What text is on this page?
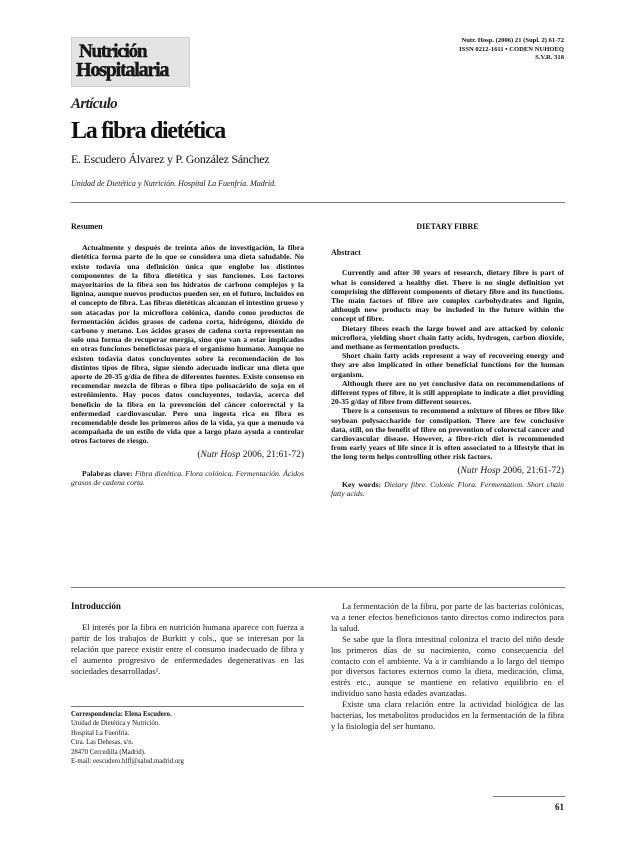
Nutrición
Hospitalaria
Nutr. Hosp. (2006) 21 (Supl. 2) 61-72
ISSN 0212-1611 • CODEN NUHOEQ
S.V.R. 318
Artículo
La fibra dietética
E. Escudero Álvarez y P. González Sánchez
Unidad de Dietética y Nutrición. Hospital La Fuenfría. Madrid.
Resumen
Actualmente y después de treinta años de investigación, la fibra dietética forma parte de lo que se considera una dieta saludable. No existe todavía una definición única que englobe los distintos componentes de la fibra dietética y sus funciones. Los factores mayoritarios de la fibra son los hidratos de carbono complejos y la lignina, aunque nuevos productos pueden ser, en el futuro, incluidos en el concepto de fibra. Las fibras dietéticas alcanzan el intestino grueso y son atacadas por la microflora colónica, dando como productos de fermentación ácidos grasos de cadena corta, hidrógeno, dióxido de carbono y metano. Los ácidos grasos de cadena corta representan no solo una forma de recuperar energía, sino que van a estar implicados en otras funciones beneficiosas para el organismo humano. Aunque no existen todavía datos concluyentes sobre la recomendación de los distintos tipos de fibra, sigue siendo adecuado indicar una dieta que aporte de 20-35 g/día de fibra de diferentes fuentes. Existe consenso en recomendar mezcla de fibras o fibra tipo polisacárido de soja en el estreñimiento. Hay pocos datos concluyentes, todavía, acerca del beneficio de la fibra en la prevención del cáncer colorrectal y la enfermedad cardiovascular. Pero una ingesta rica en fibra es recomendable desde los primeros años de la vida, ya que a menudo va acompañada de un estilo de vida que a largo plazo ayuda a controlar otros factores de riesgo.
(Nutr Hosp 2006, 21:61-72)
Palabras clave: Fibra dietética. Flora colónica. Fermentación. Ácidos grasos de cadena corta.
DIETARY FIBRE
Abstract
Currently and after 30 years of research, dietary fibre is part of what is considered a healthy diet. There is no single definition yet comprising the different components of dietary fibre and its functions. The main factors of fibre are complex carbohydrates and lignin, although new products may be included in the future within the concept of fibre.
Dietary fibres reach the large bowel and are attacked by colonic microflora, yielding short chain fatty acids, hydrogen, carbon dioxide, and methane as fermentation products.
Short chain fatty acids represent a way of recovering energy and they are also implicated in other beneficial functions for the human organism.
Although there are no yet conclusive data on recommendations of different types of fibre, it is still appropiate to indicate a diet providing 20-35 g/day of fibre from different sources.
There is a consensus to recommend a mixture of fibres or fibre like soybean polysaccharide for constipation. There are few conclusive data, still, on the benefit of fibre on prevention of colorectal cancer and cardiovascular disease. However, a fibre-rich diet is recommended from early years of life since it is often associated to a lifestyle that in the long term helps controlling other risk factors.
(Nutr Hosp 2006, 21:61-72)
Key words: Dietary fibre. Colonic Flora. Fermentation. Short chain fatty acids.
Introducción
El interés por la fibra en nutrición humana aparece con fuerza a partir de los trabajos de Burkitt y cols., que se interesan por la relación que parece existir entre el consumo inadecuado de fibra y el aumento progresivo de enfermedades degenerativas en las sociedades desarrolladas¹.
La fermentación de la fibra, por parte de las bacterias colónicas, va a tener efectos beneficiosos tanto directos como indirectos para la salud.
Se sabe que la flora intestinal coloniza el tracto del niño desde los primeros días de su nacimiento, como consecuencia del contacto con el ambiente. Va a ir cambiando a lo largo del tiempo por diversos factores externos como la dieta, medicación, clima, estrés etc., aunque se mantiene en relativo equilibrio en el individuo sano hasta edades avanzadas.
Existe una clara relación entre la actividad biológica de las bacterias, los metabolitos producidos en la fermentación de la fibra y la fisiología del ser humano.
Correspondencia: Elena Escudero.
Unidad de Dietética y Nutrición.
Hospital La Fuenfría.
Ctra. Las Dehesas, s/n.
28470 Cercedilla (Madrid).
E-mail: eescudero.hlff@salud.madrid.org
61
